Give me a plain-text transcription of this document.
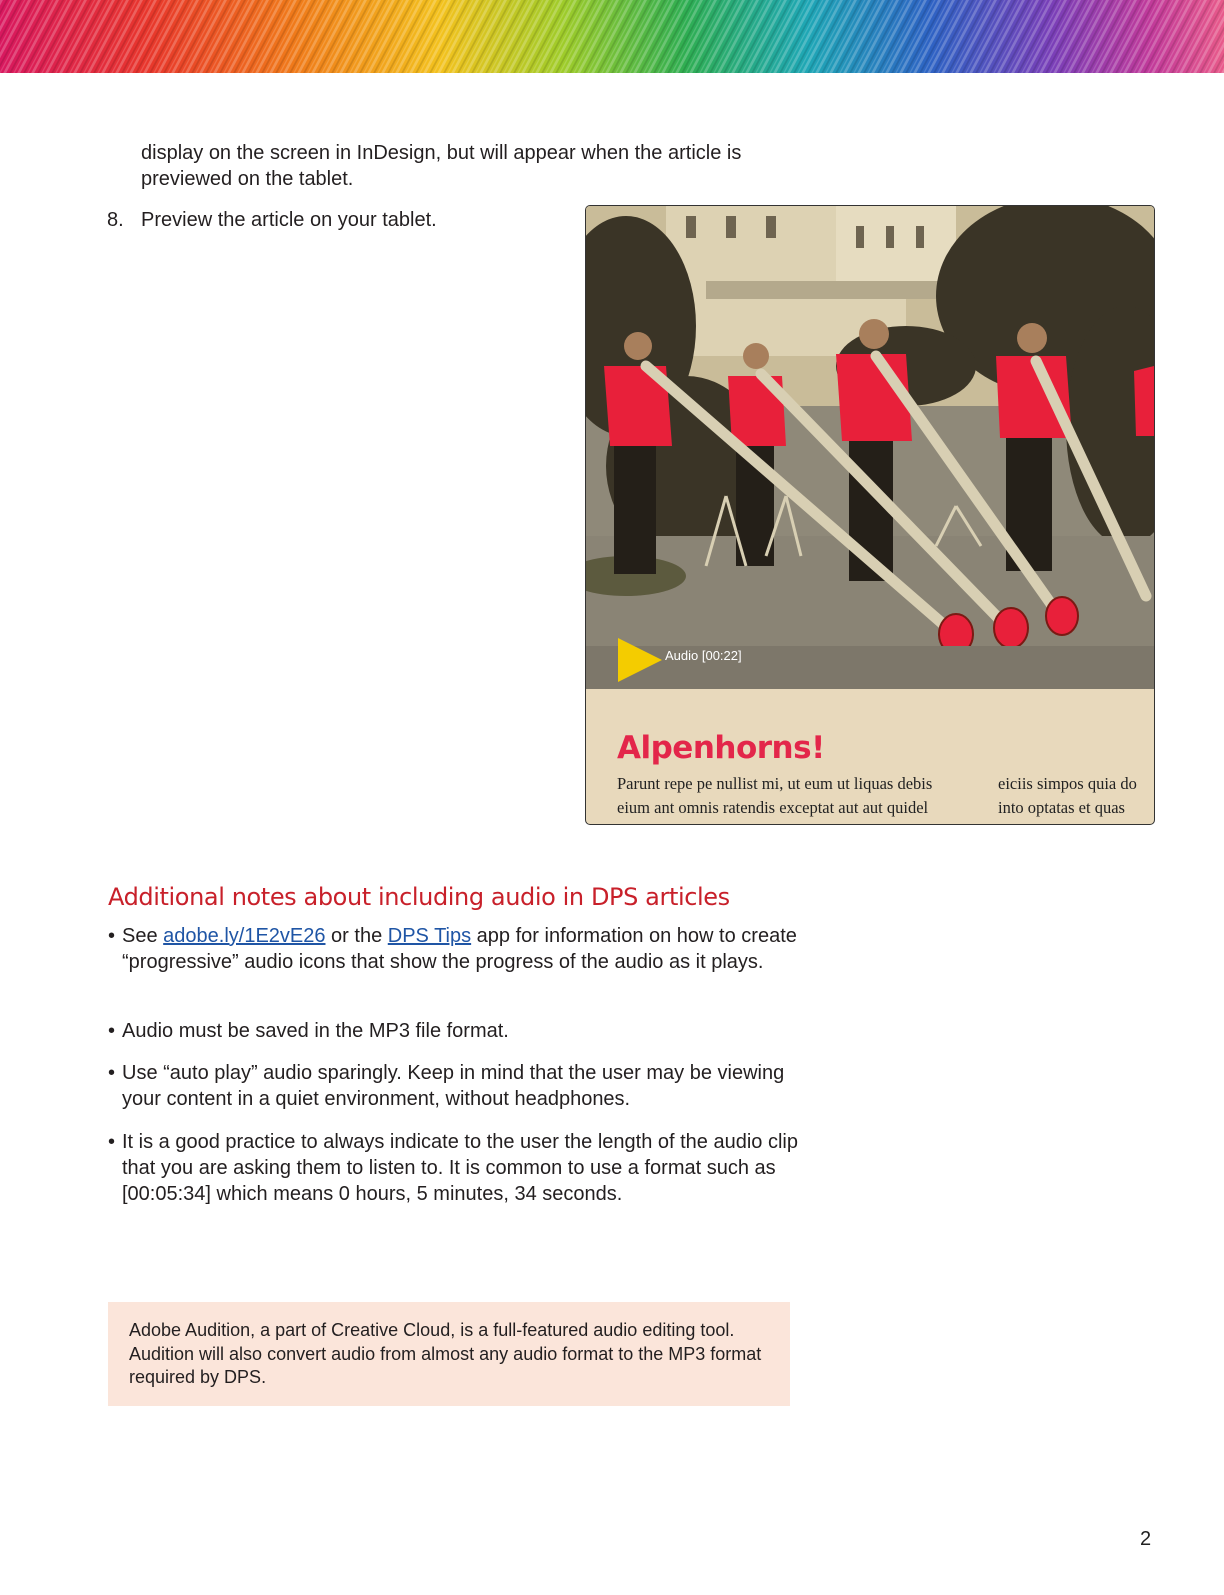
display on the screen in InDesign, but will appear when the article is previewed on the tablet.
8. Preview the article on your tablet.
Audio [00:22]
Alpenhorns!
Parunt repe pe nullist mi, ut eum ut liquas debis
eium ant omnis ratendis exceptat aut aut quidel
eiciis simpos quia do
into optatas et quas
Additional notes about including audio in DPS articles
• See adobe.ly/1E2vE26 or the DPS Tips app for information on how to create “progressive” audio icons that show the progress of the audio as it plays.
• Audio must be saved in the MP3 file format.
• Use “auto play” audio sparingly. Keep in mind that the user may be viewing your content in a quiet environment, without headphones.
• It is a good practice to always indicate to the user the length of the audio clip that you are asking them to listen to. It is common to use a format such as [00:05:34] which means 0 hours, 5 minutes, 34 seconds.
Adobe Audition, a part of Creative Cloud, is a full-featured audio editing tool. Audition will also convert audio from almost any audio format to the MP3 format required by DPS.
2
